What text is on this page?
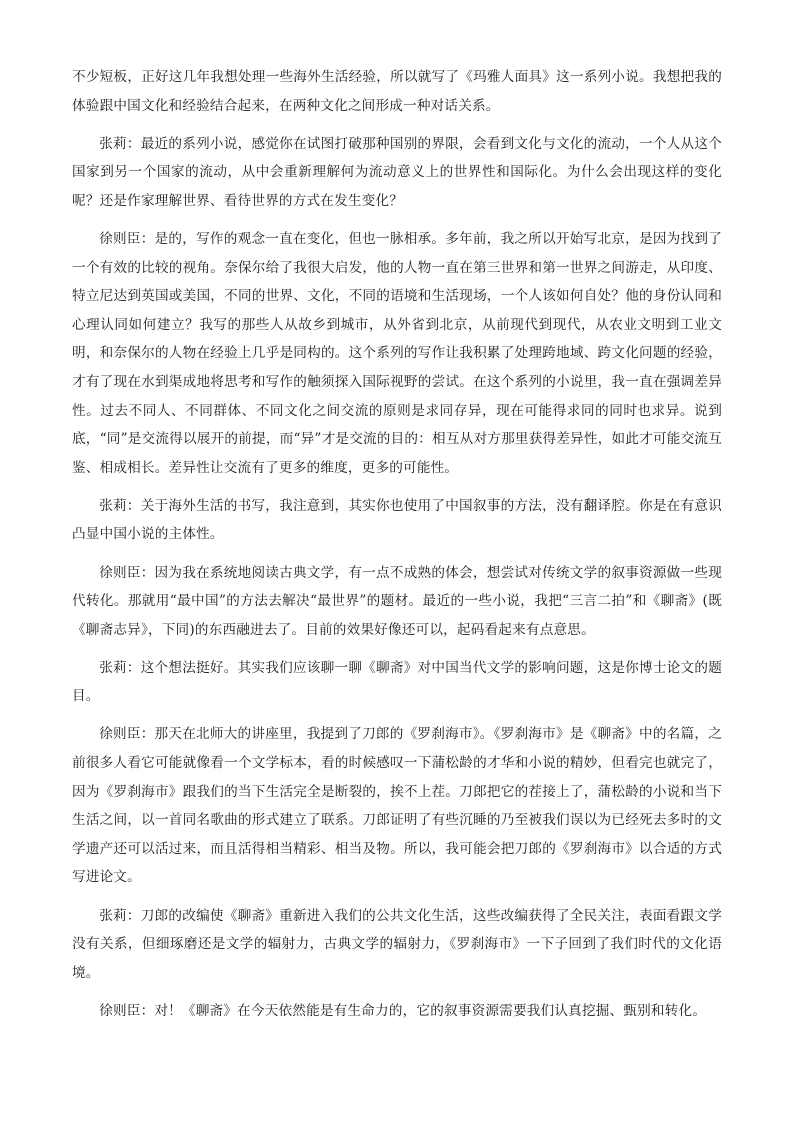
不少短板，正好这几年我想处理一些海外生活经验，所以就写了《玛雅人面具》这一系列小说。我想把我的体验跟中国文化和经验结合起来，在两种文化之间形成一种对话关系。

张莉：最近的系列小说，感觉你在试图打破那种国别的界限，会看到文化与文化的流动，一个人从这个国家到另一个国家的流动，从中会重新理解何为流动意义上的世界性和国际化。为什么会出现这样的变化呢？还是作家理解世界、看待世界的方式在发生变化？

徐则臣：是的，写作的观念一直在变化，但也一脉相承。多年前，我之所以开始写北京，是因为找到了一个有效的比较的视角。奈保尔给了我很大启发，他的人物一直在第三世界和第一世界之间游走，从印度、特立尼达到英国或美国，不同的世界、文化，不同的语境和生活现场，一个人该如何自处？他的身份认同和心理认同如何建立？我写的那些人从故乡到城市，从外省到北京，从前现代到现代，从农业文明到工业文明，和奈保尔的人物在经验上几乎是同构的。这个系列的写作让我积累了处理跨地域、跨文化问题的经验，才有了现在水到渠成地将思考和写作的触须探入国际视野的尝试。在这个系列的小说里，我一直在强调差异性。过去不同人、不同群体、不同文化之间交流的原则是求同存异，现在可能得求同的同时也求异。说到底，“同”是交流得以展开的前提，而“异”才是交流的目的：相互从对方那里获得差异性，如此才可能交流互鉴、相成相长。差异性让交流有了更多的维度，更多的可能性。

张莉：关于海外生活的书写，我注意到，其实你也使用了中国叙事的方法，没有翻译腔。你是在有意识凸显中国小说的主体性。

徐则臣：因为我在系统地阅读古典文学，有一点不成熟的体会，想尝试对传统文学的叙事资源做一些现代转化。那就用“最中国”的方法去解决“最世界”的题材。最近的一些小说，我把“三言二拍”和《聊斋》(既《聊斋志异》，下同)的东西融进去了。目前的效果好像还可以，起码看起来有点意思。

张莉：这个想法挺好。其实我们应该聊一聊《聊斋》对中国当代文学的影响问题，这是你博士论文的题目。

徐则臣：那天在北师大的讲座里，我提到了刀郎的《罗刹海市》。《罗刹海市》是《聊斋》中的名篇，之前很多人看它可能就像看一个文学标本，看的时候感叹一下蒲松龄的才华和小说的精妙，但看完也就完了，因为《罗刹海市》跟我们的当下生活完全是断裂的，挨不上茬。刀郎把它的茬接上了，蒲松龄的小说和当下生活之间，以一首同名歌曲的形式建立了联系。刀郎证明了有些沉睡的乃至被我们误以为已经死去多时的文学遗产还可以活过来，而且活得相当精彩、相当及物。所以，我可能会把刀郎的《罗刹海市》以合适的方式写进论文。

张莉：刀郎的改编使《聊斋》重新进入我们的公共文化生活，这些改编获得了全民关注，表面看跟文学没有关系，但细琢磨还是文学的辐射力，古典文学的辐射力，《罗刹海市》一下子回到了我们时代的文化语境。

徐则臣：对！《聊斋》在今天依然能是有生命力的，它的叙事资源需要我们认真挖掘、甄别和转化。
